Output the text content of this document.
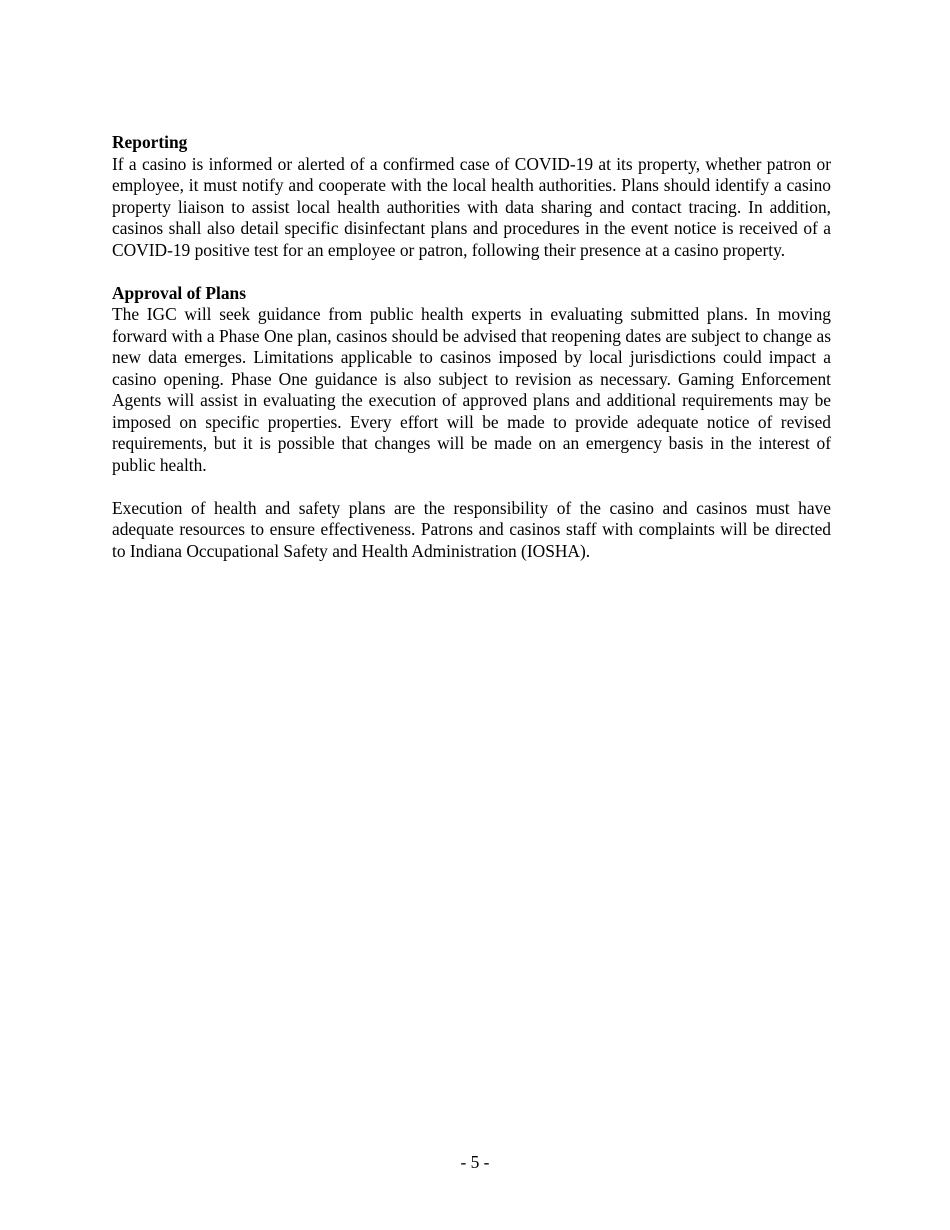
Reporting

If a casino is informed or alerted of a confirmed case of COVID-19 at its property, whether patron or employee, it must notify and cooperate with the local health authorities. Plans should identify a casino property liaison to assist local health authorities with data sharing and contact tracing. In addition, casinos shall also detail specific disinfectant plans and procedures in the event notice is received of a COVID-19 positive test for an employee or patron, following their presence at a casino property.

Approval of Plans

The IGC will seek guidance from public health experts in evaluating submitted plans. In moving forward with a Phase One plan, casinos should be advised that reopening dates are subject to change as new data emerges. Limitations applicable to casinos imposed by local jurisdictions could impact a casino opening. Phase One guidance is also subject to revision as necessary. Gaming Enforcement Agents will assist in evaluating the execution of approved plans and additional requirements may be imposed on specific properties. Every effort will be made to provide adequate notice of revised requirements, but it is possible that changes will be made on an emergency basis in the interest of public health.

Execution of health and safety plans are the responsibility of the casino and casinos must have adequate resources to ensure effectiveness. Patrons and casinos staff with complaints will be directed to Indiana Occupational Safety and Health Administration (IOSHA).

- 5 -
